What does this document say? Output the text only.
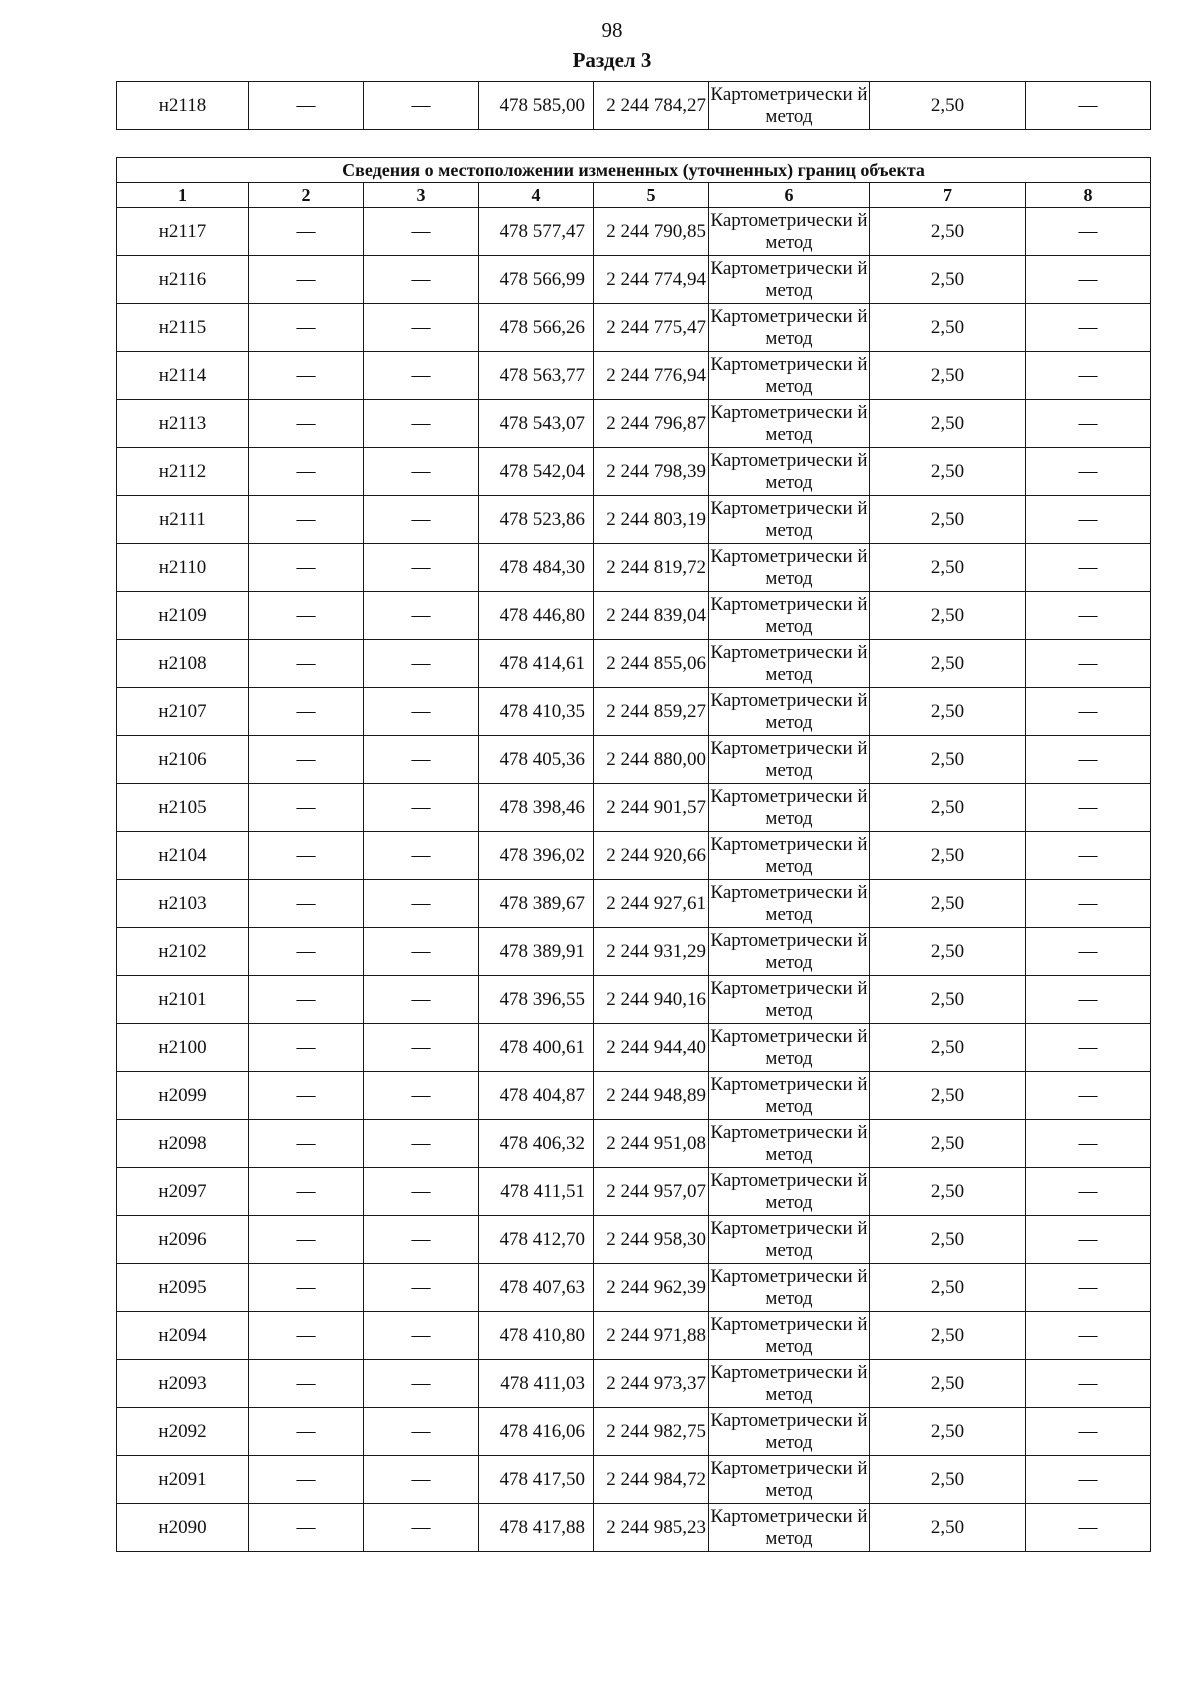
98
Раздел 3
н2118	—	—	478 585,00	2 244 784,27	Картометрически й метод	2,50	—
Сведения о местоположении измененных (уточненных) границ объекта							
1	2	3	4	5	6	7	8
н2117	—	—	478 577,47	2 244 790,85	Картометрически й метод	2,50	—
н2116	—	—	478 566,99	2 244 774,94	Картометрически й метод	2,50	—
н2115	—	—	478 566,26	2 244 775,47	Картометрически й метод	2,50	—
н2114	—	—	478 563,77	2 244 776,94	Картометрически й метод	2,50	—
н2113	—	—	478 543,07	2 244 796,87	Картометрически й метод	2,50	—
н2112	—	—	478 542,04	2 244 798,39	Картометрически й метод	2,50	—
н2111	—	—	478 523,86	2 244 803,19	Картометрически й метод	2,50	—
н2110	—	—	478 484,30	2 244 819,72	Картометрически й метод	2,50	—
н2109	—	—	478 446,80	2 244 839,04	Картометрически й метод	2,50	—
н2108	—	—	478 414,61	2 244 855,06	Картометрически й метод	2,50	—
н2107	—	—	478 410,35	2 244 859,27	Картометрически й метод	2,50	—
н2106	—	—	478 405,36	2 244 880,00	Картометрически й метод	2,50	—
н2105	—	—	478 398,46	2 244 901,57	Картометрически й метод	2,50	—
н2104	—	—	478 396,02	2 244 920,66	Картометрически й метод	2,50	—
н2103	—	—	478 389,67	2 244 927,61	Картометрически й метод	2,50	—
н2102	—	—	478 389,91	2 244 931,29	Картометрически й метод	2,50	—
н2101	—	—	478 396,55	2 244 940,16	Картометрически й метод	2,50	—
н2100	—	—	478 400,61	2 244 944,40	Картометрически й метод	2,50	—
н2099	—	—	478 404,87	2 244 948,89	Картометрически й метод	2,50	—
н2098	—	—	478 406,32	2 244 951,08	Картометрически й метод	2,50	—
н2097	—	—	478 411,51	2 244 957,07	Картометрически й метод	2,50	—
н2096	—	—	478 412,70	2 244 958,30	Картометрически й метод	2,50	—
н2095	—	—	478 407,63	2 244 962,39	Картометрически й метод	2,50	—
н2094	—	—	478 410,80	2 244 971,88	Картометрически й метод	2,50	—
н2093	—	—	478 411,03	2 244 973,37	Картометрически й метод	2,50	—
н2092	—	—	478 416,06	2 244 982,75	Картометрически й метод	2,50	—
н2091	—	—	478 417,50	2 244 984,72	Картометрически й метод	2,50	—
н2090	—	—	478 417,88	2 244 985,23	Картометрически й метод	2,50	—
